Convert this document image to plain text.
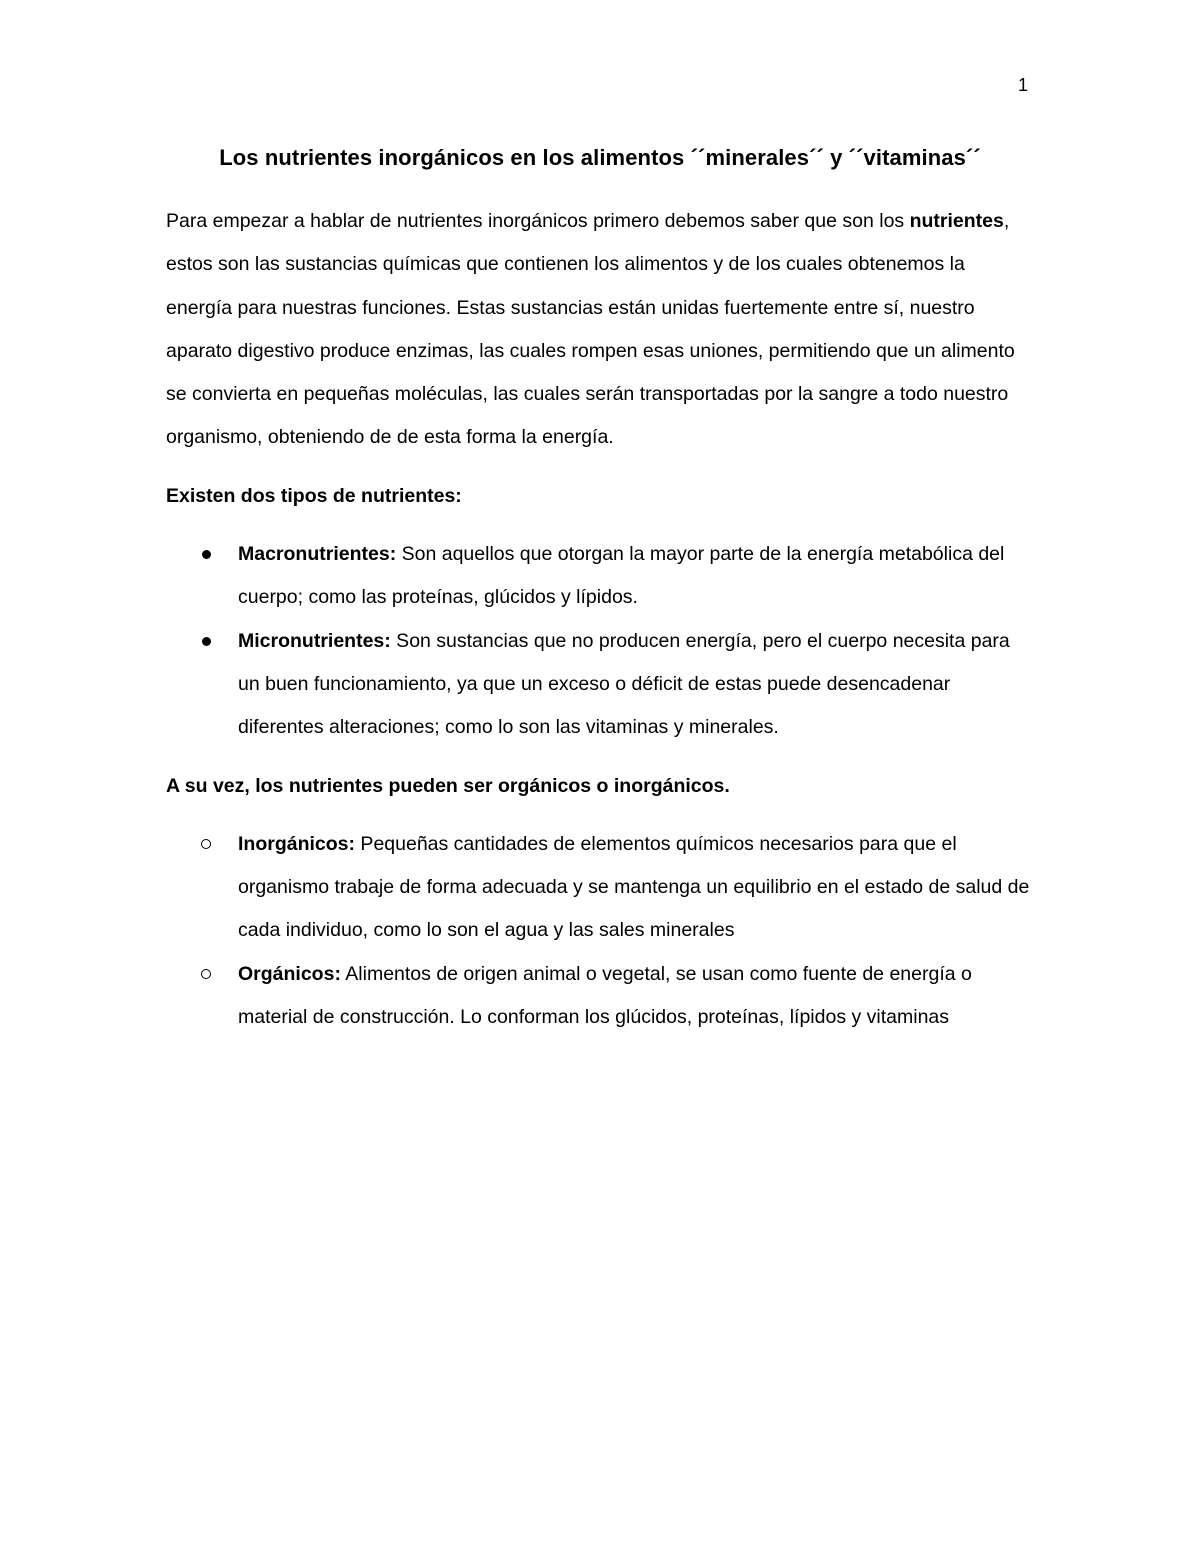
1
Los nutrientes inorgánicos en los alimentos ´´minerales´´ y ´´vitaminas´´

Para empezar a hablar de nutrientes inorgánicos primero debemos saber que son los nutrientes, estos son las sustancias químicas que contienen los alimentos y de los cuales obtenemos la energía para nuestras funciones. Estas sustancias están unidas fuertemente entre sí, nuestro aparato digestivo produce enzimas, las cuales rompen esas uniones, permitiendo que un alimento se convierta en pequeñas moléculas, las cuales serán transportadas por la sangre a todo nuestro organismo, obteniendo de de esta forma la energía.

Existen dos tipos de nutrientes:

Macronutrientes: Son aquellos que otorgan la mayor parte de la energía metabólica del cuerpo; como las proteínas, glúcidos y lípidos.
Micronutrientes: Son sustancias que no producen energía, pero el cuerpo necesita para un buen funcionamiento, ya que un exceso o déficit de estas puede desencadenar diferentes alteraciones; como lo son las vitaminas y minerales.

A su vez, los nutrientes pueden ser orgánicos o inorgánicos.

Inorgánicos: Pequeñas cantidades de elementos químicos necesarios para que el organismo trabaje de forma adecuada y se mantenga un equilibrio en el estado de salud de cada individuo, como lo son el agua y las sales minerales
Orgánicos: Alimentos de origen animal o vegetal, se usan como fuente de energía o material de construcción. Lo conforman los glúcidos, proteínas, lípidos y vitaminas
